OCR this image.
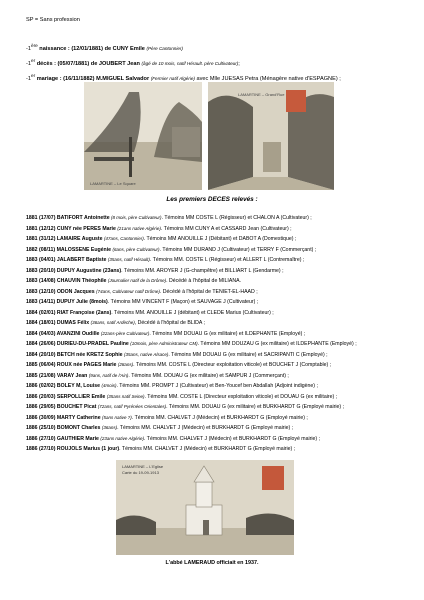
SP = Sans profession
-1ère naissance : (12/01/1881) de CUNY Emile (Père Cantonnier)
-1er décès : (05/07/1881) de JOUBERT Jean (âgé de 10 mois, natif Hérault. père Cultivateur);
-1er mariage : (16/11/1882) M.MIGUEL Salvador (Fermier natif Algérie) avec Mlle JUESAS Petra (Ménagère native d'ESPAGNE) ;
LAMARTINE – Le Square
LAMARTINE – Grand'Rue
Les premiers DECES relevés :
1881 (17/07) BATIFORT Antoinette (8 mois, père Cultivateur). Témoins MM COSTE L (Régisseur) et CHALON A (Cultivateur) ;
1881 (12/12) CUNY née PERES Marie (21ans native Algérie). Témoins MM CUNY A et CASSARD Jean (Cultivateur) ;
1881 (31/12) LAMAIRE Auguste (47ans, Cantonnier). Témoins MM ANOUILLE J (Débitant) et DABOT A (Domestique) ;
1882 (08/11) MALOSSENE Eugénie (6ans, père Cultivateur). Témoins MM DURAND J (Cultivateur) et TERRY F (Commerçant) ;
1883 (04/01) JALABERT Baptiste (35ans, natif Hérault). Témoins MM. COSTE L (Régisseur) et ALLERT L (Contremaître) ;
1883 (20/10) DUPUY Augustine (23ans). Témoins MM. AROYER J (G-champêtre) et BILLIART L (Gendarme) ;
1883 (14/08) CHAUVIN Théophile (Journalier natif de la Drôme). Décédé à l'hôpital de MILIANA.
1883 (12/10) ODON Jacques (74ans, Cultivateur natif Drôme). Décédé à l'hôpital de TENIET-EL-HAAD ;
1883 (14/11) DUPUY Julie (8mois). Témoins MM VINCENT F (Maçon) et SAUVAGE J (Cultivateur) ;
1884 (02/01) RIAT Françoise (2ans). Témoins MM. ANOUILLE J (débitant) et CLEDE Marius (Cultivateur) ;
1884 (18/01) DUMAS Félix (36ans, natif Ardèche), Décédé à l'hôpital de BLIDA ;
1884 (04/03) AVANZINI Oudille (22ans-père Cultivateur). Témoins MM DOUAU G (ex militaire) et ILDEPHANTE (Employé) ;
1884 (26/06) DURIEU-DU-PRADEL Pauline (10mois, père Administrateur CM). Témoins MM DOUZAU G (ex militaire) et ILDEPHANTE (Employé) ;
1884 (20/10) BETCH née KRETZ Sophie (35ans, native Alsace). Témoins MM DOUAU G (ex militaire) et SACRIPANTI C (Employé) ;
1885 (06/04) ROUX née PAGES Marie (28ans). Témoins MM. COSTE L (Directeur exploitation viticole) et BOUCHET J (Comptable) ;
1885 (21/08) VARAY Jean (9ans, natif de l'Ain). Témoins MM. DOUAU G (ex militaire) et SAMPUR J (Commerçant) ;
1886 (02/02) BOLEY M, Louise (4mois). Témoins MM. PROMPT J (Cultivateur) et Ben-Youcef ben Abdallah (Adjoint indigène) ;
1886 (20/03) SERPOLLIER Emile (35ans natif Seine). Témoins MM. COSTE L (Directeur exploitation viticole) et DOUAU G (ex militaire) ;
1886 (29/05) BOUCHET Picat (72ans, natif Pyrénées Orientales). Témoins MM. DOUAU G (ex militaire) et BURKHARDT G (Employé mairie) ;
1886 (30/09) MARTY Catherine (5ans native ?). Témoins MM. CHALVET J (Médecin) et BURKHARDT G (Employé mairie) ;
1886 (25/10) BOMONT Charles (36ans). Témoins MM. CHALVET J (Médecin) et BURKHARDT G (Employé mairie) ;
1886 (27/10) GAUTHIER Marie (23ans native Algérie). Témoins MM. CHALVET J (Médecin) et BURKHARDT G (Employé mairie) ;
1886 (27/10) ROUJOLS Marius (1 jour). Témoins MM. CHALVET J (Médecin) et BURKHARDT G (Employé mairie) ;
LAMARTINE – L'Eglise
Carte du 19-09-1913
L'abbé LAMERAUD officiait en 1937.
